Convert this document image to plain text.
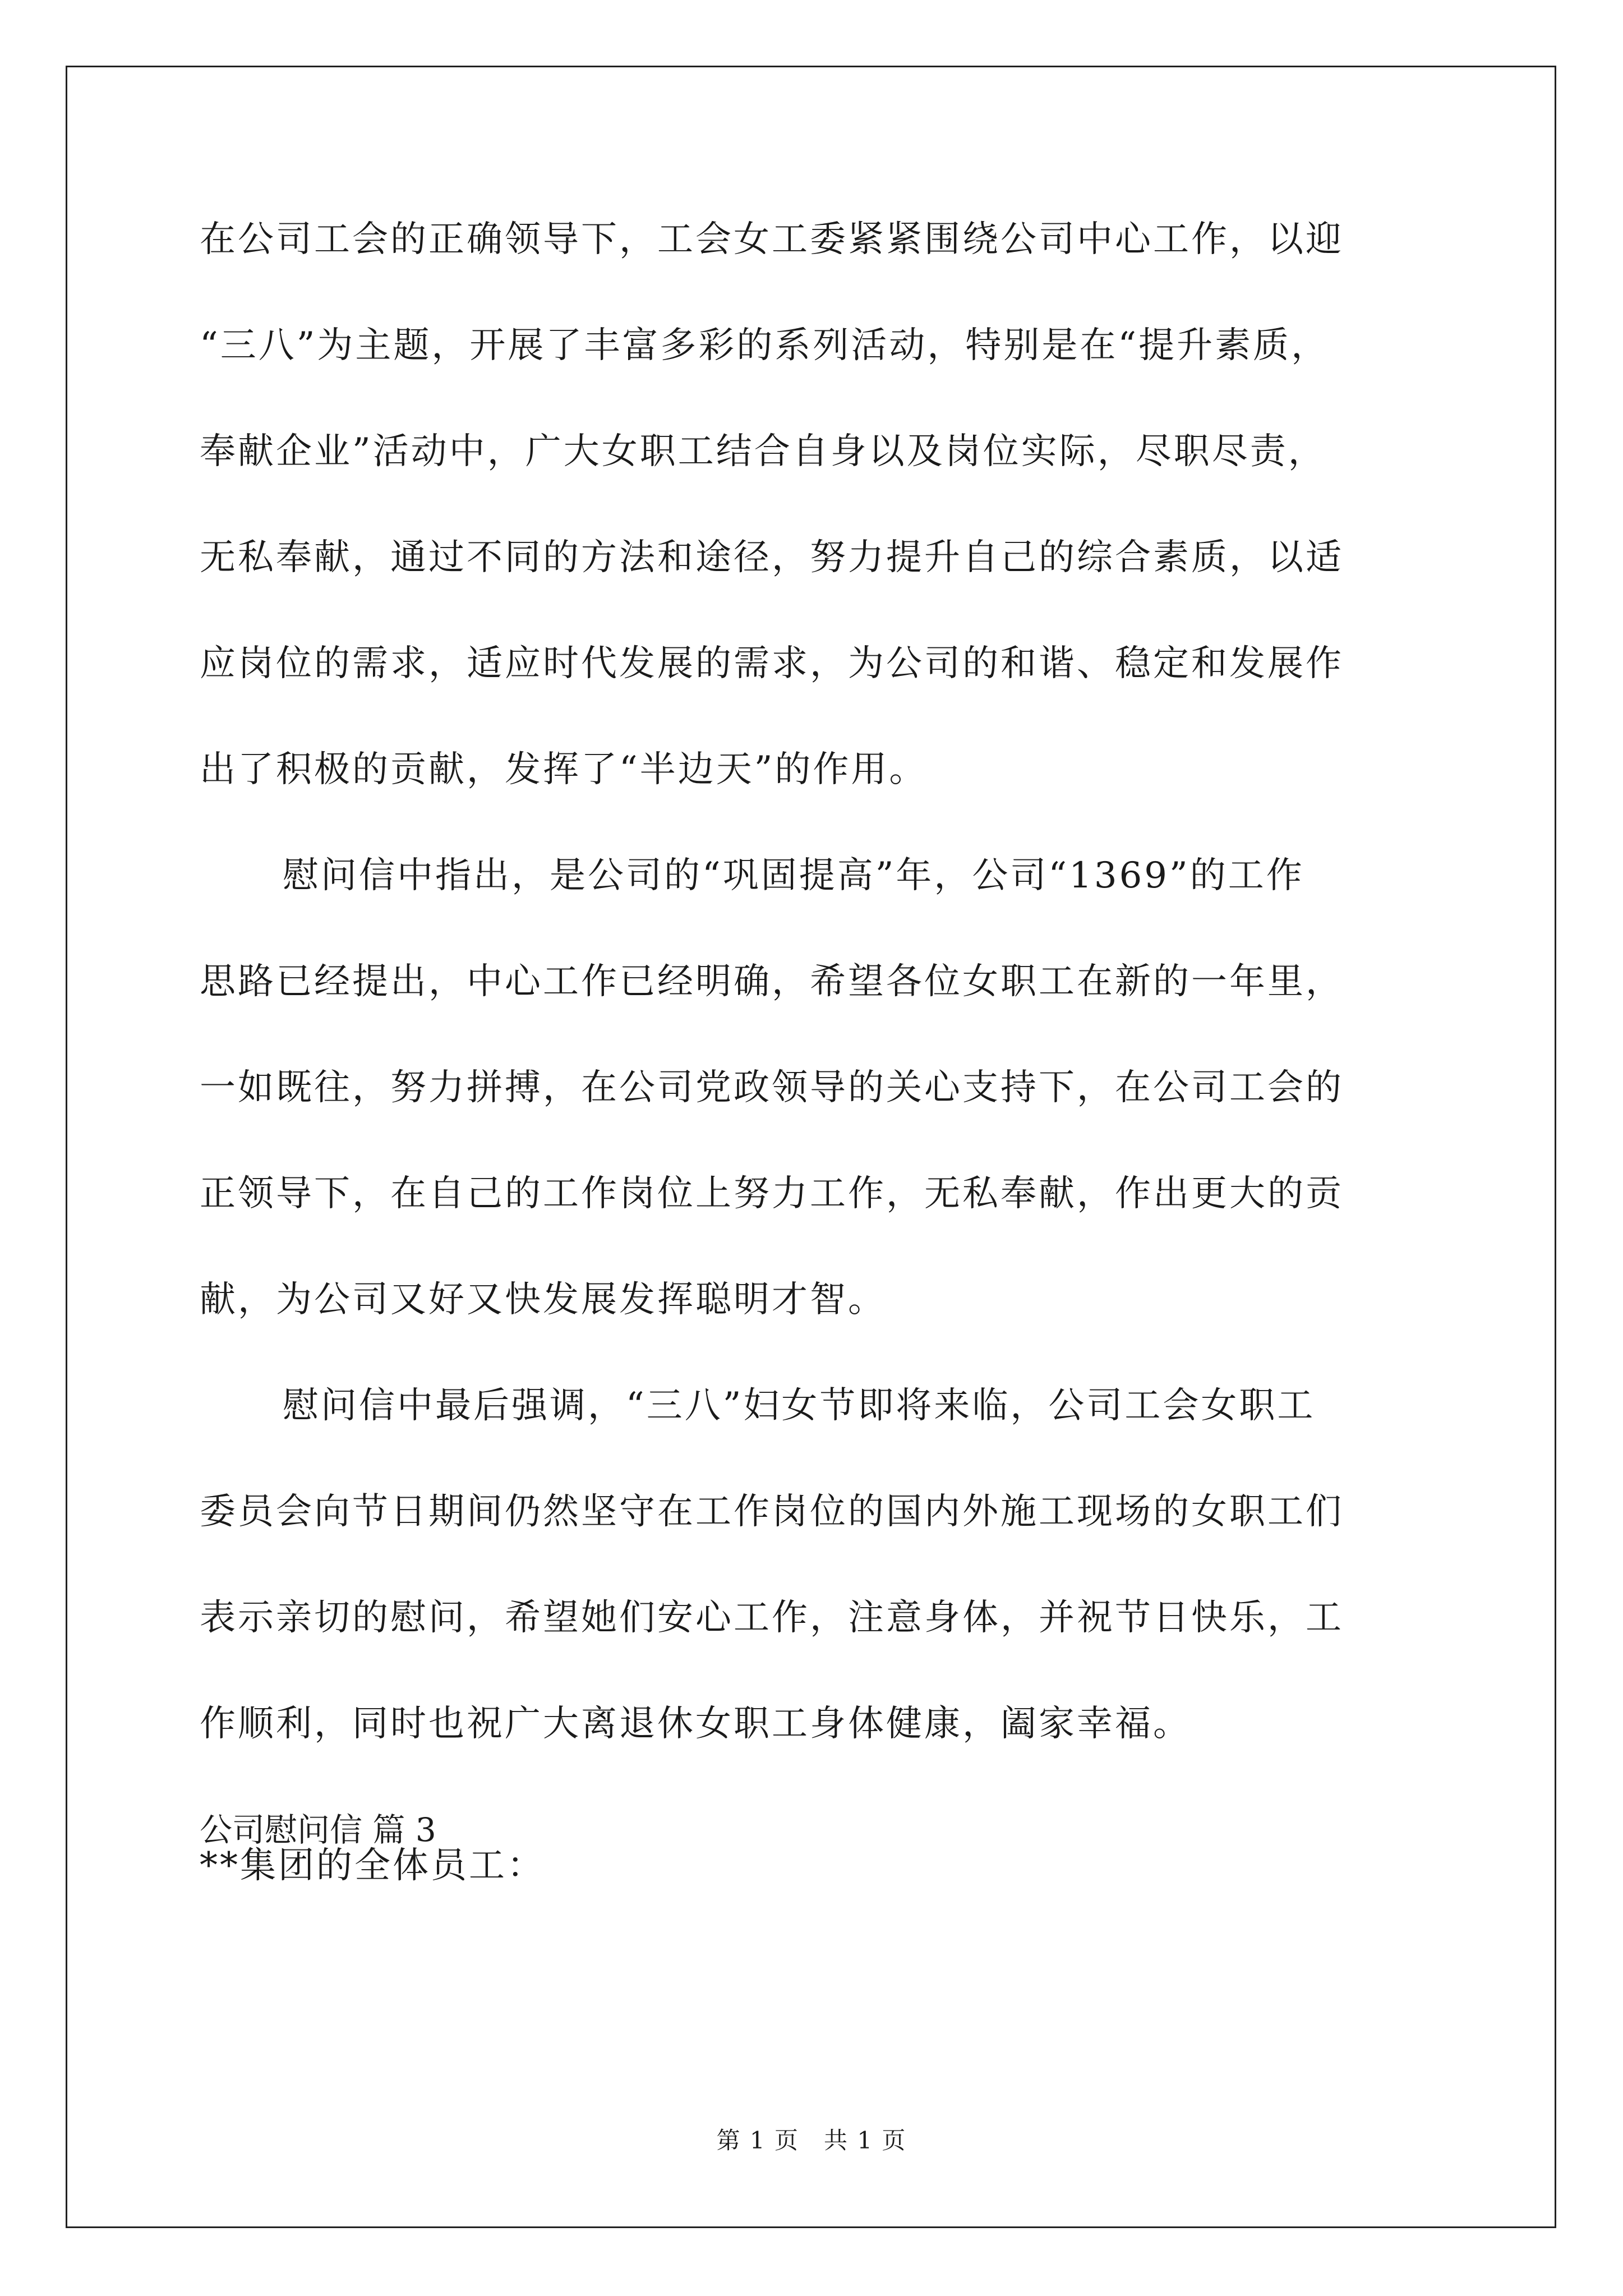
在公司工会的正确领导下，工会女工委紧紧围绕公司中心工作，以迎

“三八”为主题，开展了丰富多彩的系列活动，特别是在“提升素质，

奉献企业”活动中，广大女职工结合自身以及岗位实际，尽职尽责，

无私奉献，通过不同的方法和途径，努力提升自己的综合素质，以适

应岗位的需求，适应时代发展的需求，为公司的和谐、稳定和发展作

出了积极的贡献，发挥了“半边天”的作用。

慰问信中指出，是公司的“巩固提高”年，公司“1369”的工作

思路已经提出，中心工作已经明确，希望各位女职工在新的一年里，

一如既往，努力拼搏，在公司党政领导的关心支持下，在公司工会的

正领导下，在自己的工作岗位上努力工作，无私奉献，作出更大的贡

献，为公司又好又快发展发挥聪明才智。

慰问信中最后强调，“三八”妇女节即将来临，公司工会女职工

委员会向节日期间仍然坚守在工作岗位的国内外施工现场的女职工们

表示亲切的慰问，希望她们安心工作，注意身体，并祝节日快乐，工

作顺利，同时也祝广大离退休女职工身体健康，阖家幸福。

公司慰问信 篇 3

**集团的全体员工：

第 1 页 共 1 页
